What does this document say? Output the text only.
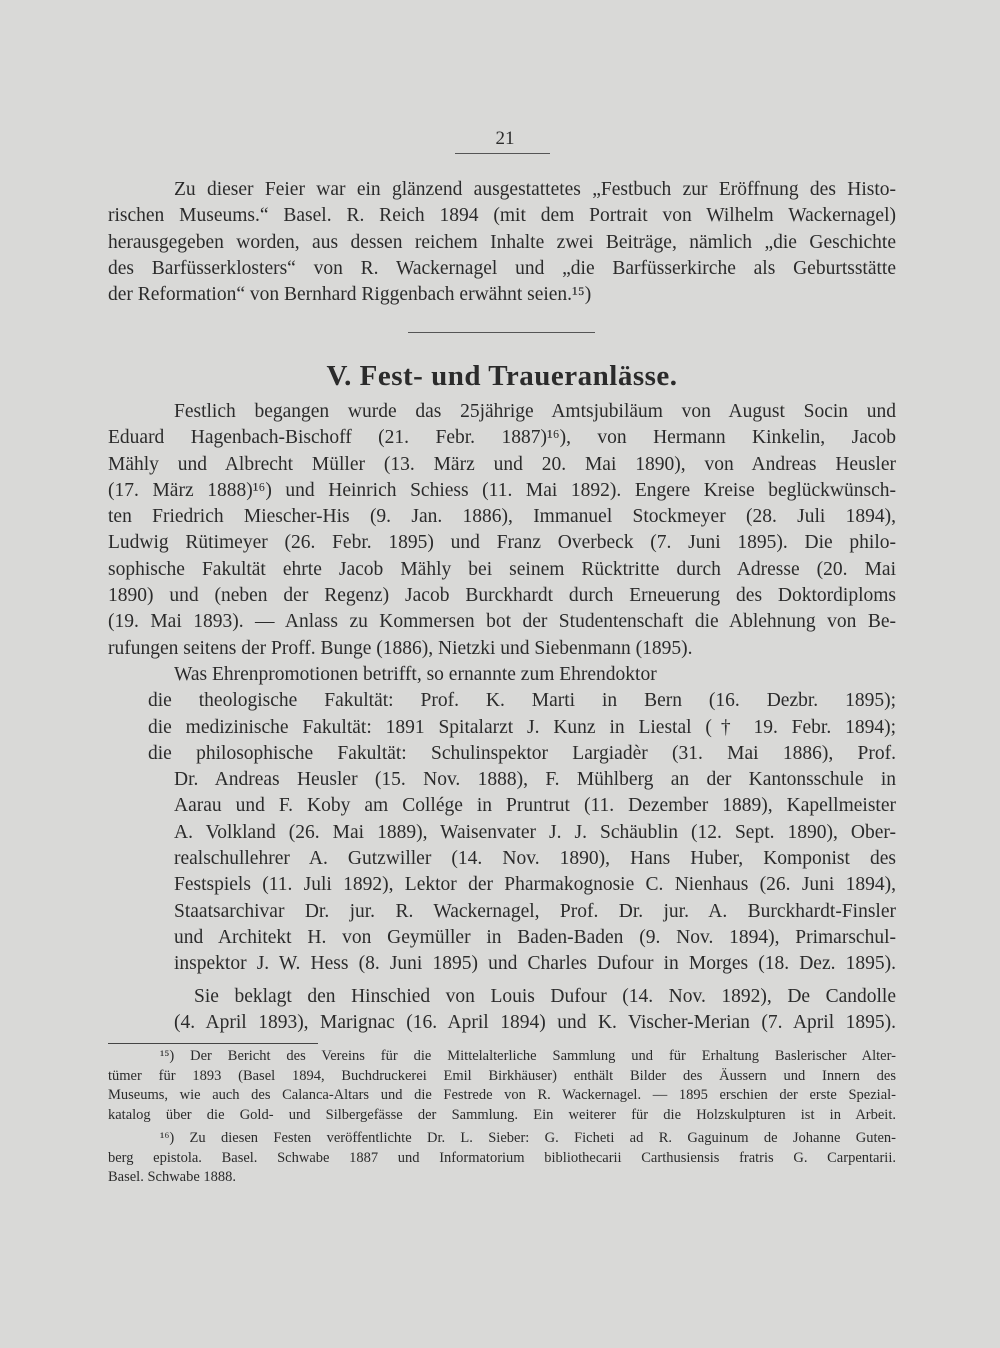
21
Zu dieser Feier war ein glänzend ausgestattetes „Festbuch zur Eröffnung des Histo-
rischen Museums.“ Basel. R. Reich 1894 (mit dem Portrait von Wilhelm Wackernagel)
herausgegeben worden, aus dessen reichem Inhalte zwei Beiträge, nämlich „die Geschichte
des Barfüsserklosters“ von R. Wackernagel und „die Barfüsserkirche als Geburtsstätte
der Reformation“ von Bernhard Riggenbach erwähnt seien.¹⁵)
V. Fest- und Traueranlässe.
Festlich begangen wurde das 25jährige Amtsjubiläum von August Socin und
Eduard Hagenbach-Bischoff (21. Febr. 1887)¹⁶), von Hermann Kinkelin, Jacob
Mähly und Albrecht Müller (13. März und 20. Mai 1890), von Andreas Heusler
(17. März 1888)¹⁶) und Heinrich Schiess (11. Mai 1892). Engere Kreise beglückwünsch-
ten Friedrich Miescher-His (9. Jan. 1886), Immanuel Stockmeyer (28. Juli 1894),
Ludwig Rütimeyer (26. Febr. 1895) und Franz Overbeck (7. Juni 1895). Die philo-
sophische Fakultät ehrte Jacob Mähly bei seinem Rücktritte durch Adresse (20. Mai
1890) und (neben der Regenz) Jacob Burckhardt durch Erneuerung des Doktordiploms
(19. Mai 1893). — Anlass zu Kommersen bot der Studentenschaft die Ablehnung von Be-
rufungen seitens der Proff. Bunge (1886), Nietzki und Siebenmann (1895).
Was Ehrenpromotionen betrifft, so ernannte zum Ehrendoktor
die theologische Fakultät: Prof. K. Marti in Bern (16. Dezbr. 1895);
die medizinische Fakultät: 1891 Spitalarzt J. Kunz in Liestal († 19. Febr. 1894);
die philosophische Fakultät: Schulinspektor Largiadèr (31. Mai 1886), Prof.
Dr. Andreas Heusler (15. Nov. 1888), F. Mühlberg an der Kantonsschule in
Aarau und F. Koby am Collége in Pruntrut (11. Dezember 1889), Kapellmeister
A. Volkland (26. Mai 1889), Waisenvater J. J. Schäublin (12. Sept. 1890), Ober-
realschullehrer A. Gutzwiller (14. Nov. 1890), Hans Huber, Komponist des
Festspiels (11. Juli 1892), Lektor der Pharmakognosie C. Nienhaus (26. Juni 1894),
Staatsarchivar Dr. jur. R. Wackernagel, Prof. Dr. jur. A. Burckhardt-Finsler
und Architekt H. von Geymüller in Baden-Baden (9. Nov. 1894), Primarschul-
inspektor J. W. Hess (8. Juni 1895) und Charles Dufour in Morges (18. Dez. 1895).
Sie beklagt den Hinschied von Louis Dufour (14. Nov. 1892), De Candolle
(4. April 1893), Marignac (16. April 1894) und K. Vischer-Merian (7. April 1895).
¹⁵) Der Bericht des Vereins für die Mittelalterliche Sammlung und für Erhaltung Baslerischer Alter-
tümer für 1893 (Basel 1894, Buchdruckerei Emil Birkhäuser) enthält Bilder des Äussern und Innern des
Museums, wie auch des Calanca-Altars und die Festrede von R. Wackernagel. — 1895 erschien der erste Spezial-
katalog über die Gold- und Silbergefässe der Sammlung. Ein weiterer für die Holzskulpturen ist in Arbeit.
¹⁶) Zu diesen Festen veröffentlichte Dr. L. Sieber: G. Ficheti ad R. Gaguinum de Johanne Guten-
berg epistola. Basel. Schwabe 1887 und Informatorium bibliothecarii Carthusiensis fratris G. Carpentarii.
Basel. Schwabe 1888.
